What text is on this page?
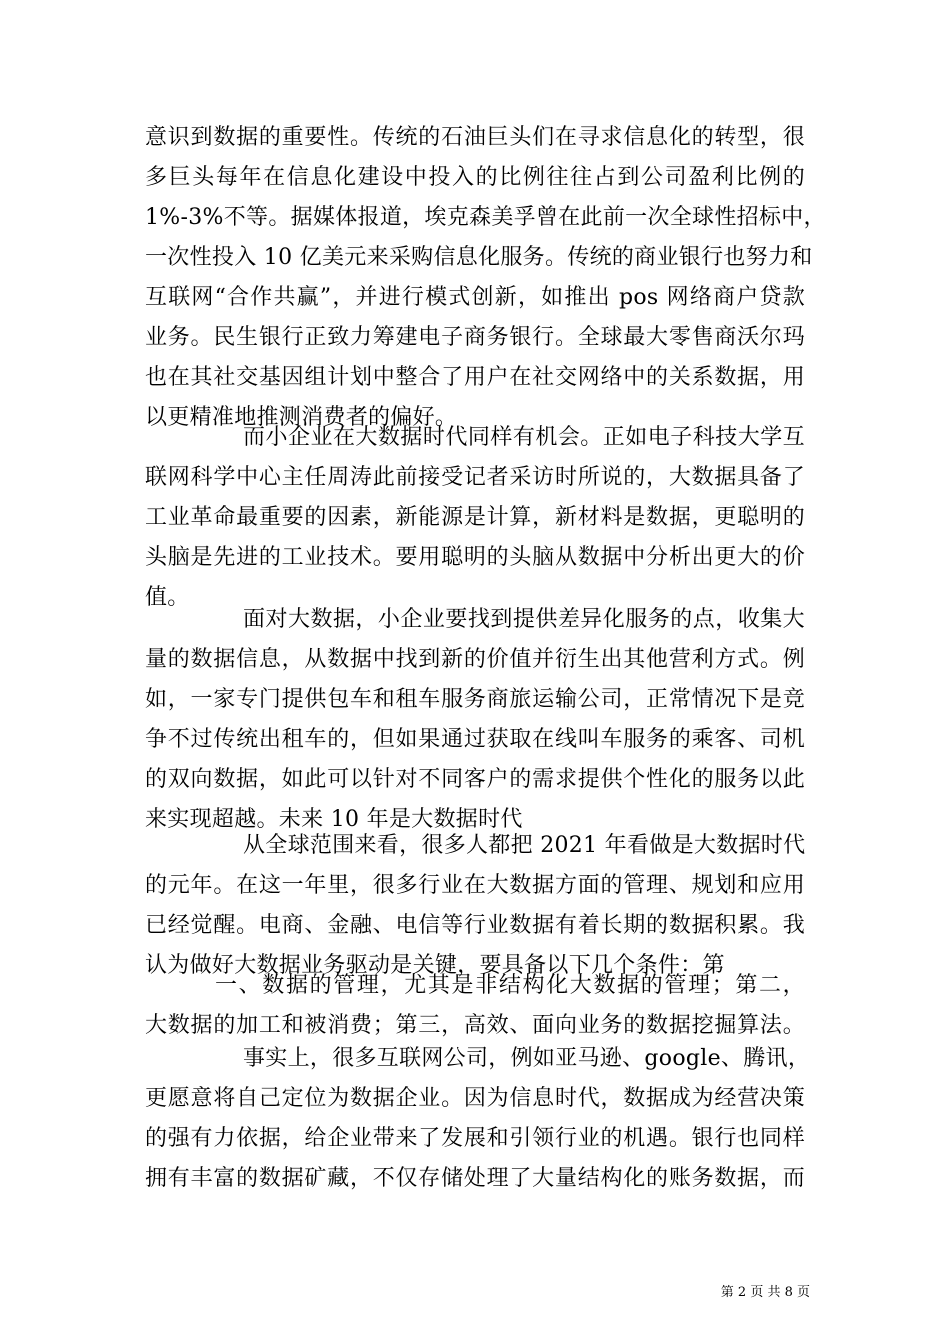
意识到数据的重要性。传统的石油巨头们在寻求信息化的转型，很
多巨头每年在信息化建设中投入的比例往往占到公司盈利比例的
1%-3%不等。据媒体报道，埃克森美孚曾在此前一次全球性招标中，
一次性投入 10 亿美元来采购信息化服务。传统的商业银行也努力和
互联网“合作共赢”，并进行模式创新，如推出 pos 网络商户贷款
业务。民生银行正致力筹建电子商务银行。全球最大零售商沃尔玛
也在其社交基因组计划中整合了用户在社交网络中的关系数据，用
以更精准地推测消费者的偏好。
而小企业在大数据时代同样有机会。正如电子科技大学互
联网科学中心主任周涛此前接受记者采访时所说的，大数据具备了
工业革命最重要的因素，新能源是计算，新材料是数据，更聪明的
头脑是先进的工业技术。要用聪明的头脑从数据中分析出更大的价
值。
面对大数据，小企业要找到提供差异化服务的点，收集大
量的数据信息，从数据中找到新的价值并衍生出其他营利方式。例
如，一家专门提供包车和租车服务商旅运输公司，正常情况下是竞
争不过传统出租车的，但如果通过获取在线叫车服务的乘客、司机
的双向数据，如此可以针对不同客户的需求提供个性化的服务以此
来实现超越。未来 10 年是大数据时代
从全球范围来看，很多人都把 2021 年看做是大数据时代
的元年。在这一年里，很多行业在大数据方面的管理、规划和应用
已经觉醒。电商、金融、电信等行业数据有着长期的数据积累。我
认为做好大数据业务驱动是关键，要具备以下几个条件：第
一、数据的管理，尤其是非结构化大数据的管理；第二，
大数据的加工和被消费；第三，高效、面向业务的数据挖掘算法。
事实上，很多互联网公司，例如亚马逊、google、腾讯，
更愿意将自己定位为数据企业。因为信息时代，数据成为经营决策
的强有力依据，给企业带来了发展和引领行业的机遇。银行也同样
拥有丰富的数据矿藏，不仅存储处理了大量结构化的账务数据，而
第 2 页 共 8 页
